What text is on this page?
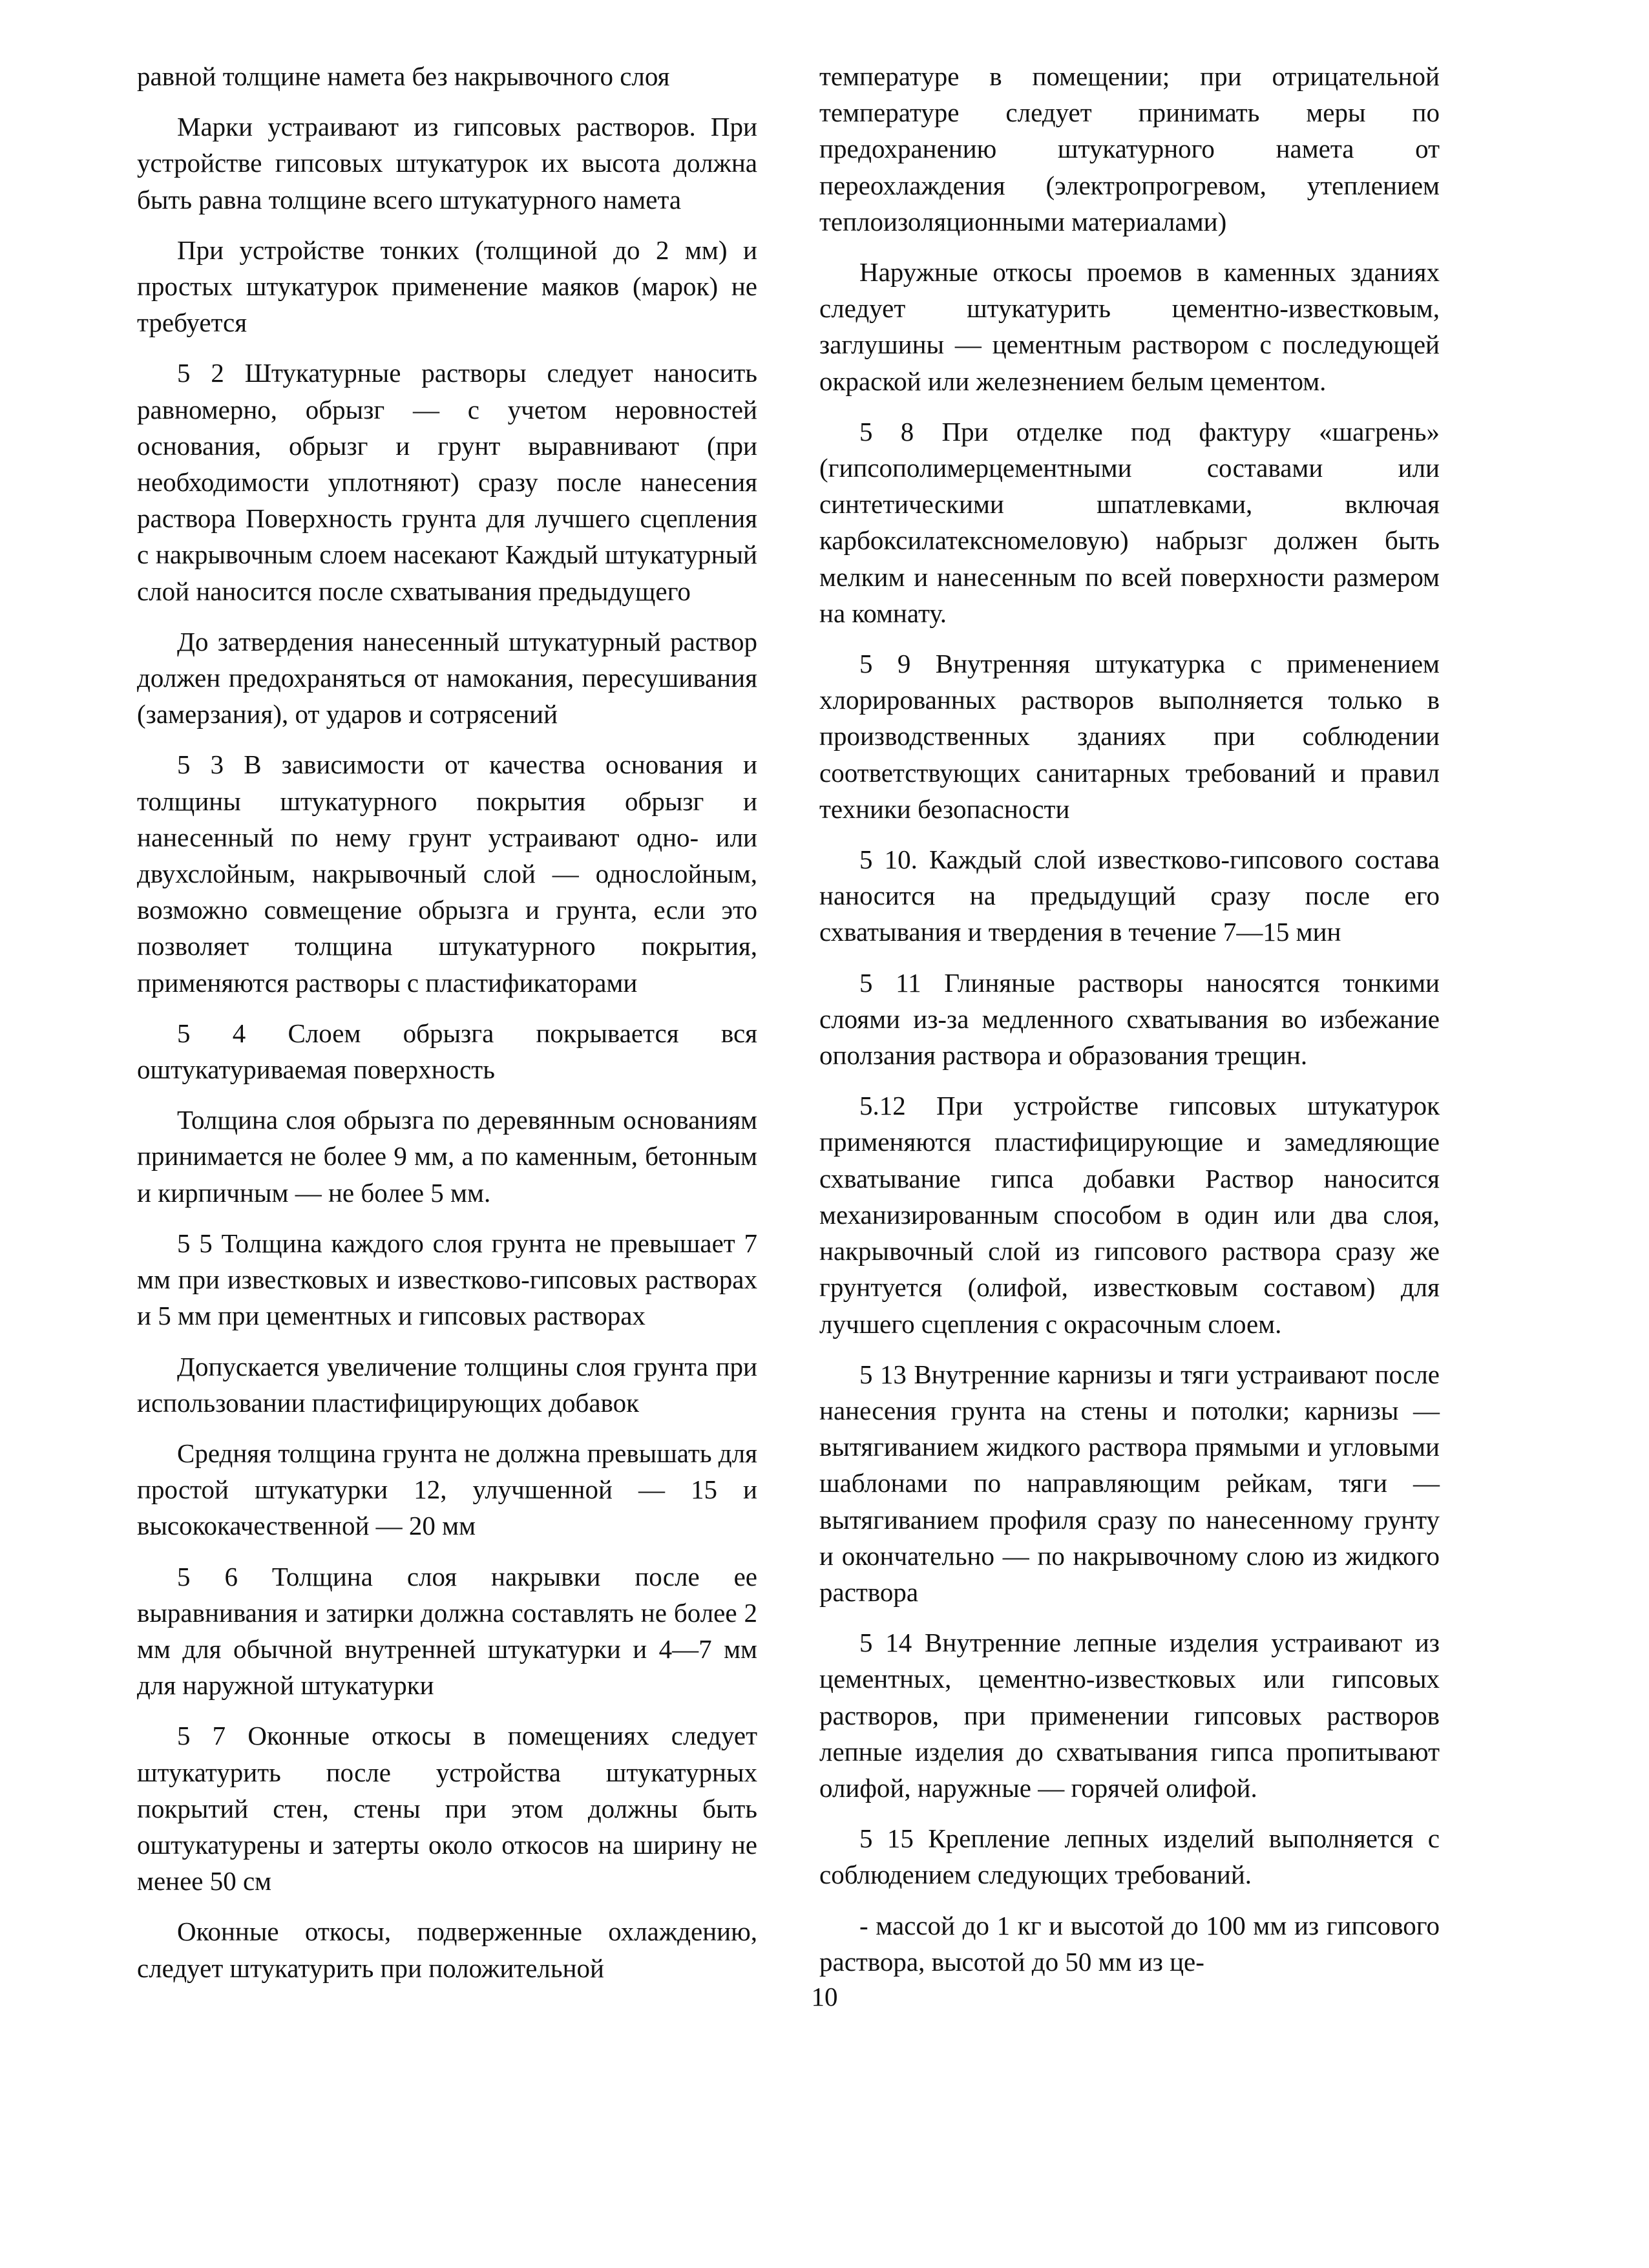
равной толщине намета без накрывочного слоя

Марки устраивают из гипсовых растворов. При устройстве гипсовых штукатурок их высота должна быть равна толщине всего штукатурного намета

При устройстве тонких (толщиной до 2 мм) и простых штукатурок применение маяков (марок) не требуется

5 2 Штукатурные растворы следует наносить равномерно, обрызг — с учетом неровностей основания, обрызг и грунт выравнивают (при необходимости уплотняют) сразу после нанесения раствора Поверхность грунта для лучшего сцепления с накрывочным слоем насекают Каждый штукатурный слой наносится после схватывания предыдущего

До затвердения нанесенный штукатурный раствор должен предохраняться от намокания, пересушивания (замерзания), от ударов и сотрясений

5 3 В зависимости от качества основания и толщины штукатурного покрытия обрызг и нанесенный по нему грунт устраивают одно- или двухслойным, накрывочный слой — однослойным, возможно совмещение обрызга и грунта, если это позволяет толщина штукатурного покрытия, применяются растворы с пластификаторами

5 4 Слоем обрызга покрывается вся оштукатуриваемая поверхность

Толщина слоя обрызга по деревянным основаниям принимается не более 9 мм, а по каменным, бетонным и кирпичным — не более 5 мм.

5 5 Толщина каждого слоя грунта не превышает 7 мм при известковых и известково-гипсовых растворах и 5 мм при цементных и гипсовых растворах

Допускается увеличение толщины слоя грунта при использовании пластифицирующих добавок

Средняя толщина грунта не должна превышать для простой штукатурки 12, улучшенной — 15 и высококачественной — 20 мм

5 6 Толщина слоя накрывки после ее выравнивания и затирки должна составлять не более 2 мм для обычной внутренней штукатурки и 4—7 мм для наружной штукатурки

5 7 Оконные откосы в помещениях следует штукатурить после устройства штукатурных покрытий стен, стены при этом должны быть оштукатурены и затерты около откосов на ширину не менее 50 см

Оконные откосы, подверженные охлаждению, следует штукатурить при положительной

температуре в помещении; при отрицательной температуре следует принимать меры по предохранению штукатурного намета от переохлаждения (электропрогревом, утеплением теплоизоляционными материалами)

Наружные откосы проемов в каменных зданиях следует штукатурить цементно-известковым, заглушины — цементным раствором с последующей окраской или железнением белым цементом.

5 8 При отделке под фактуру «шагрень» (гипсополимерцементными составами или синтетическими шпатлевками, включая карбоксилатексномеловую) набрызг должен быть мелким и нанесенным по всей поверхности размером на комнату.

5 9 Внутренняя штукатурка с применением хлорированных растворов выполняется только в производственных зданиях при соблюдении соответствующих санитарных требований и правил техники безопасности

5 10. Каждый слой известково-гипсового состава наносится на предыдущий сразу после его схватывания и твердения в течение 7—15 мин

5 11 Глиняные растворы наносятся тонкими слоями из-за медленного схватывания во избежание оползания раствора и образования трещин.

5.12 При устройстве гипсовых штукатурок применяются пластифицирующие и замедляющие схватывание гипса добавки Раствор наносится механизированным способом в один или два слоя, накрывочный слой из гипсового раствора сразу же грунтуется (олифой, известковым составом) для лучшего сцепления с окрасочным слоем.

5 13 Внутренние карнизы и тяги устраивают после нанесения грунта на стены и потолки; карнизы — вытягиванием жидкого раствора прямыми и угловыми шаблонами по направляющим рейкам, тяги — вытягиванием профиля сразу по нанесенному грунту и окончательно — по накрывочному слою из жидкого раствора

5 14 Внутренние лепные изделия устраивают из цементных, цементно-известковых или гипсовых растворов, при применении гипсовых растворов лепные изделия до схватывания гипса пропитывают олифой, наружные — горячей олифой.

5 15 Крепление лепных изделий выполняется с соблюдением следующих требований.

- массой до 1 кг и высотой до 100 мм из гипсового раствора, высотой до 50 мм из це-

10
